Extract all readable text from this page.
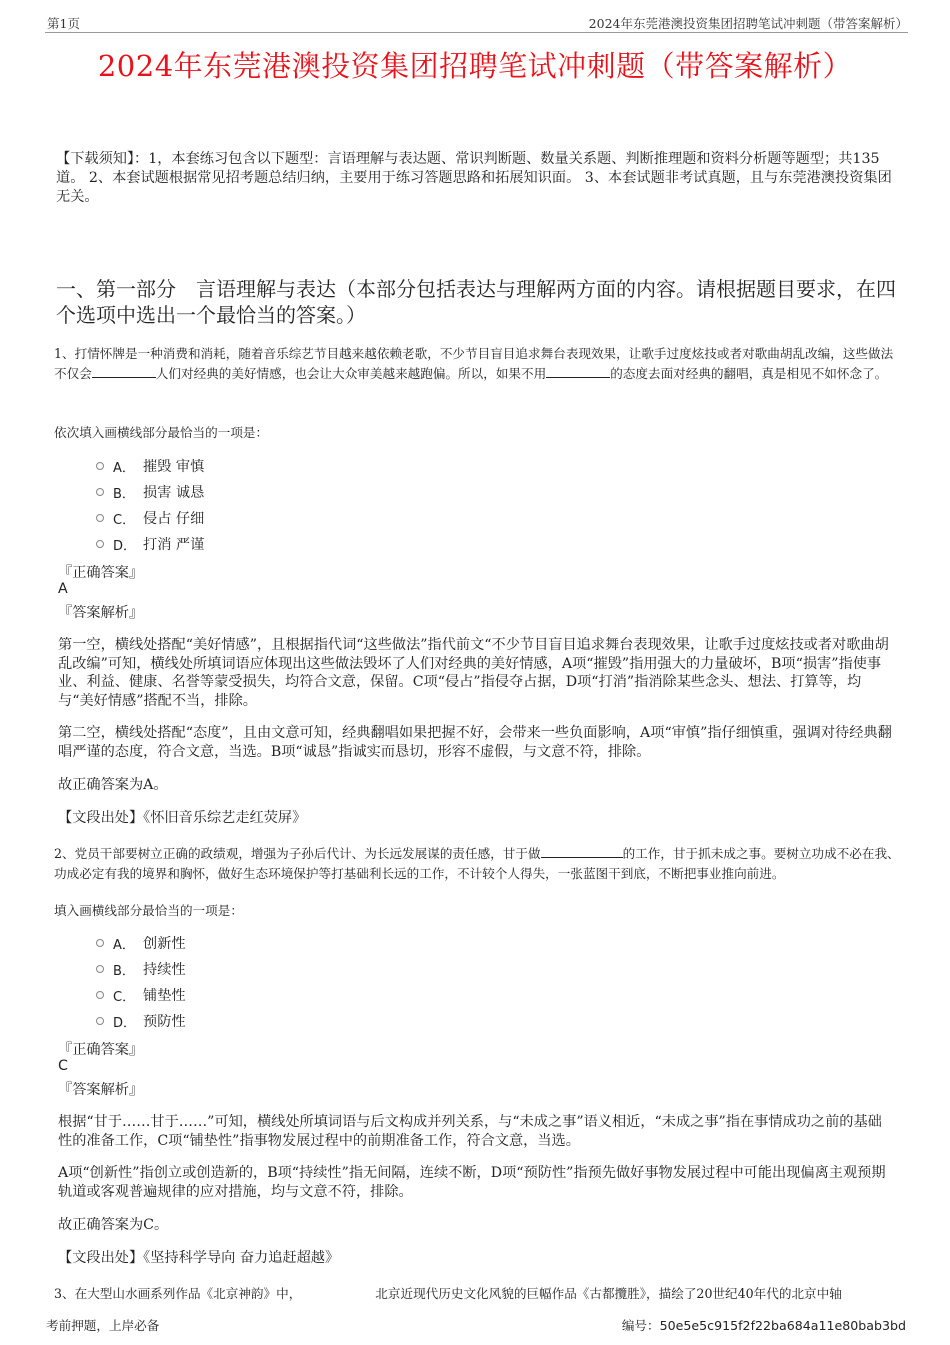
第1页	2024年东莞港澳投资集团招聘笔试冲刺题（带答案解析）
2024年东莞港澳投资集团招聘笔试冲刺题（带答案解析）

【下载须知】：1，本套练习包含以下题型：言语理解与表达题、常识判断题、数量关系题、判断推理题和资料分析题等题型；共135道。 2、本套试题根据常见招考题总结归纳，主要用于练习答题思路和拓展知识面。 3、本套试题非考试真题，且与东莞港澳投资集团无关。

一、第一部分　言语理解与表达（本部分包括表达与理解两方面的内容。请根据题目要求，在四个选项中选出一个最恰当的答案。）

1、打情怀牌是一种消费和消耗，随着音乐综艺节目越来越依赖老歌，不少节目盲目追求舞台表现效果，让歌手过度炫技或者对歌曲胡乱改编，这些做法不仅会	人们对经典的美好情感，也会让大众审美越来越跑偏。所以，如果不用	的态度去面对经典的翻唱，真是相见不如怀念了。

依次填入画横线部分最恰当的一项是：

A． 摧毁 审慎
B． 损害 诚恳
C． 侵占 仔细
D． 打消 严谨

『正确答案』

A

『答案解析』

第一空，横线处搭配“美好情感”，且根据指代词“这些做法”指代前文“不少节目盲目追求舞台表现效果，让歌手过度炫技或者对歌曲胡乱改编”可知，横线处所填词语应体现出这些做法毁坏了人们对经典的美好情感，A项“摧毁”指用强大的力量破坏，B项“损害”指使事业、利益、健康、名誉等蒙受损失，均符合文意，保留。C项“侵占”指侵夺占据，D项“打消”指消除某些念头、想法、打算等，均与“美好情感”搭配不当，排除。

第二空，横线处搭配“态度”，且由文意可知，经典翻唱如果把握不好，会带来一些负面影响，A项“审慎”指仔细慎重，强调对待经典翻唱严谨的态度，符合文意，当选。B项“诚恳”指诚实而恳切，形容不虚假，与文意不符，排除。

故正确答案为A。

【文段出处】《怀旧音乐综艺走红荧屏》

2、党员干部要树立正确的政绩观，增强为子孙后代计、为长远发展谋的责任感，甘于做	的工作，甘于抓未成之事。要树立功成不必在我、功成必定有我的境界和胸怀，做好生态环境保护等打基础利长远的工作，不计较个人得失，一张蓝图干到底，不断把事业推向前进。

填入画横线部分最恰当的一项是：

A． 创新性
B． 持续性
C． 铺垫性
D． 预防性

『正确答案』

C

『答案解析』

根据“甘于……甘于……”可知，横线处所填词语与后文构成并列关系，与“未成之事”语义相近，“未成之事”指在事情成功之前的基础性的准备工作，C项“铺垫性”指事物发展过程中的前期准备工作，符合文意，当选。

A项“创新性”指创立或创造新的，B项“持续性”指无间隔，连续不断，D项“预防性”指预先做好事物发展过程中可能出现偏离主观预期轨道或客观普遍规律的应对措施，均与文意不符，排除。

故正确答案为C。

【文段出处】《坚持科学导向 奋力追赶超越》

3、在大型山水画系列作品《北京神韵》中，	北京近现代历史文化风貌的巨幅作品《古都攬胜》，描绘了20世纪40年代的北京中轴

考前押题，上岸必备	编号：50e5e5c915f2f22ba684a11e80bab3bd
